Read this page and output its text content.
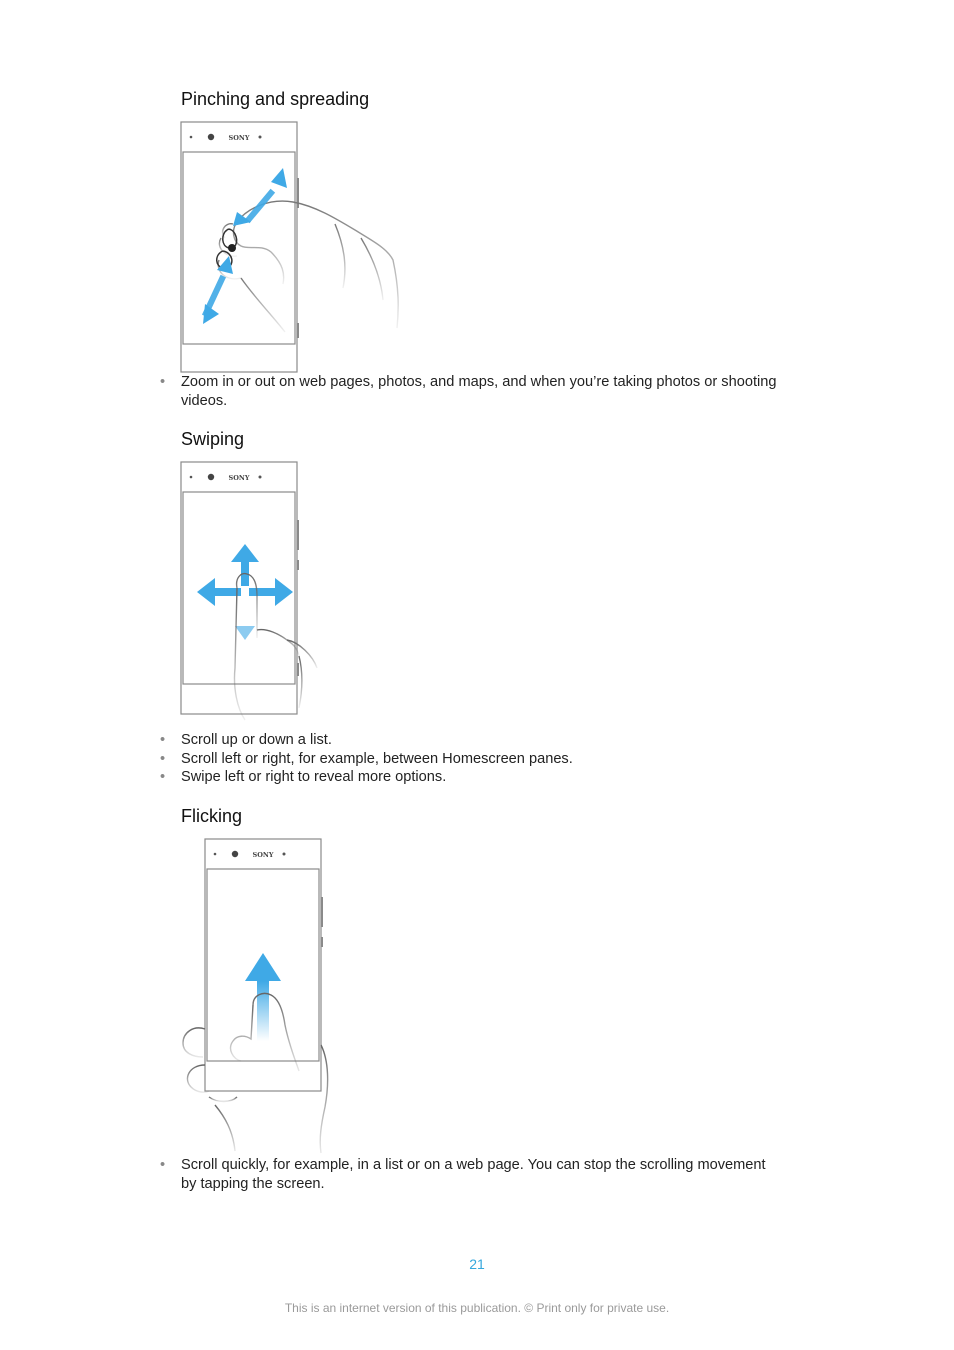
Pinching and spreading
SONY
• Zoom in or out on web pages, photos, and maps, and when you’re taking photos or shooting videos.
Swiping
SONY
• Scroll up or down a list.
• Scroll left or right, for example, between Homescreen panes.
• Swipe left or right to reveal more options.
Flicking
SONY
• Scroll quickly, for example, in a list or on a web page. You can stop the scrolling movement by tapping the screen.
21
This is an internet version of this publication. © Print only for private use.
